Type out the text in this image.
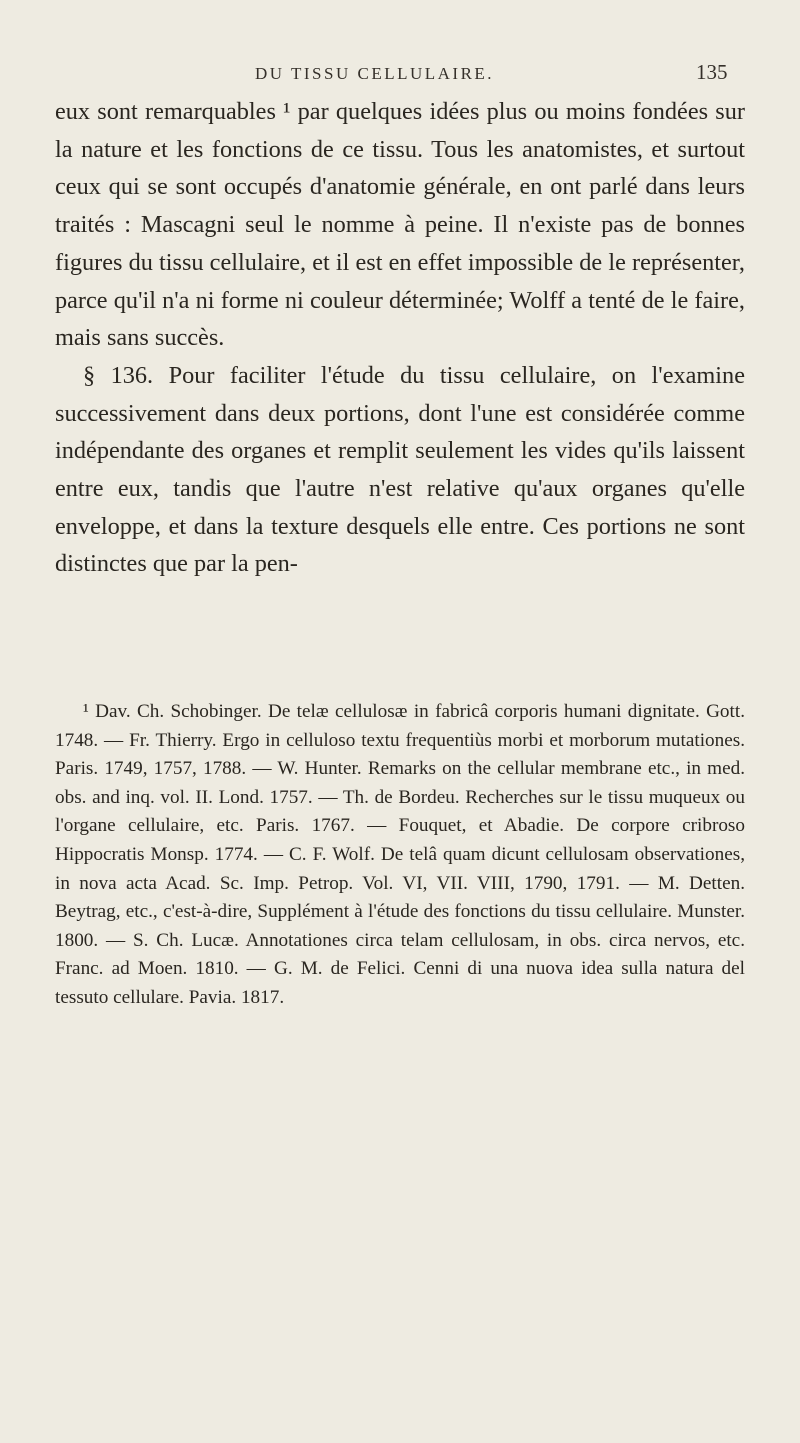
DU TISSU CELLULAIRE.	135

eux sont remarquables ¹ par quelques idées plus ou moins fondées sur la nature et les fonctions de ce tissu. Tous les anatomistes, et surtout ceux qui se sont occupés d'anatomie générale, en ont parlé dans leurs traités : Mascagni seul le nomme à peine. Il n'existe pas de bonnes figures du tissu cellulaire, et il est en effet impossible de le représenter, parce qu'il n'a ni forme ni couleur déterminée; Wolff a tenté de le faire, mais sans succès.

§ 136. Pour faciliter l'étude du tissu cellulaire, on l'examine successivement dans deux portions, dont l'une est considérée comme indépendante des organes et remplit seulement les vides qu'ils laissent entre eux, tandis que l'autre n'est relative qu'aux organes qu'elle enveloppe, et dans la texture desquels elle entre. Ces portions ne sont distinctes que par la pen-

¹ Dav. Ch. Schobinger. De telæ cellulosæ in fabricâ corporis humani dignitate. Gott. 1748. — Fr. Thierry. Ergo in celluloso textu frequentiùs morbi et morborum mutationes. Paris. 1749, 1757, 1788. — W. Hunter. Remarks on the cellular membrane etc., in med. obs. and inq. vol. II. Lond. 1757. — Th. de Bordeu. Recherches sur le tissu muqueux ou l'organe cellulaire, etc. Paris. 1767. — Fouquet, et Abadie. De corpore cribroso Hippocratis Monsp. 1774. — C. F. Wolf. De telâ quam dicunt cellulosam observationes, in nova acta Acad. Sc. Imp. Petrop. Vol. VI, VII. VIII, 1790, 1791. — M. Detten. Beytrag, etc., c'est-à-dire, Supplément à l'étude des fonctions du tissu cellulaire. Munster. 1800. — S. Ch. Lucæ. Annotationes circa telam cellulosam, in obs. circa nervos, etc. Franc. ad Moen. 1810. — G. M. de Felici. Cenni di una nuova idea sulla natura del tessuto cellulare. Pavia. 1817.
